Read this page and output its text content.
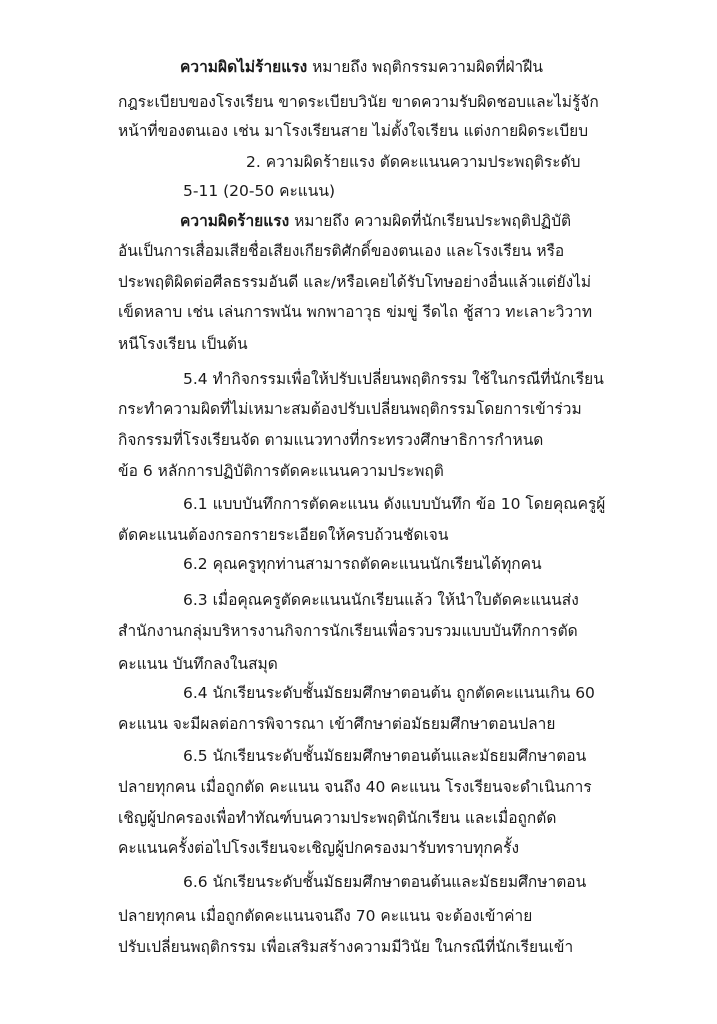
ความผิดไม่ร้ายแรง หมายถึง พฤติกรรมความผิดที่ฝ่าฝืน
กฎระเบียบของโรงเรียน ขาดระเบียบวินัย ขาดความรับผิดชอบและไม่รู้จัก
หน้าที่ของตนเอง เช่น มาโรงเรียนสาย ไม่ตั้งใจเรียน แต่งกายผิดระเบียบ
2. ความผิดร้ายแรง ตัดคะแนนความประพฤติระดับ
5-11 (20-50 คะแนน)
ความผิดร้ายแรง หมายถึง ความผิดที่นักเรียนประพฤติปฏิบัติ
อันเป็นการเสื่อมเสียชื่อเสียงเกียรติศักดิ์ของตนเอง และโรงเรียน หรือ
ประพฤติผิดต่อศีลธรรมอันดี และ/หรือเคยได้รับโทษอย่างอื่นแล้วแต่ยังไม่
เข็ดหลาบ เช่น เล่นการพนัน พกพาอาวุธ ข่มขู่ รีดไถ ชู้สาว ทะเลาะวิวาท
หนีโรงเรียน เป็นต้น
5.4 ทำกิจกรรมเพื่อให้ปรับเปลี่ยนพฤติกรรม ใช้ในกรณีที่นักเรียน
กระทำความผิดที่ไม่เหมาะสมต้องปรับเปลี่ยนพฤติกรรมโดยการเข้าร่วม
กิจกรรมที่โรงเรียนจัด ตามแนวทางที่กระทรวงศึกษาธิการกำหนด
ข้อ 6 หลักการปฏิบัติการตัดคะแนนความประพฤติ
6.1 แบบบันทึกการตัดคะแนน ดังแบบบันทึก ข้อ 10 โดยคุณครูผู้
ตัดคะแนนต้องกรอกรายระเอียดให้ครบถ้วนชัดเจน
6.2 คุณครูทุกท่านสามารถตัดคะแนนนักเรียนได้ทุกคน
6.3 เมื่อคุณครูตัดคะแนนนักเรียนแล้ว ให้นำใบตัดคะแนนส่ง
สำนักงานกลุ่มบริหารงานกิจการนักเรียนเพื่อรวบรวมแบบบันทึกการตัด
คะแนน บันทึกลงในสมุด
6.4 นักเรียนระดับชั้นมัธยมศึกษาตอนต้น ถูกตัดคะแนนเกิน 60
คะแนน จะมีผลต่อการพิจารณา เข้าศึกษาต่อมัธยมศึกษาตอนปลาย
6.5 นักเรียนระดับชั้นมัธยมศึกษาตอนต้นและมัธยมศึกษาตอน
ปลายทุกคน เมื่อถูกตัด คะแนน จนถึง 40 คะแนน โรงเรียนจะดำเนินการ
เชิญผู้ปกครองเพื่อทำทัณฑ์บนความประพฤตินักเรียน และเมื่อถูกตัด
คะแนนครั้งต่อไปโรงเรียนจะเชิญผู้ปกครองมารับทราบทุกครั้ง
6.6 นักเรียนระดับชั้นมัธยมศึกษาตอนต้นและมัธยมศึกษาตอน
ปลายทุกคน เมื่อถูกตัดคะแนนจนถึง 70 คะแนน จะต้องเข้าค่าย
ปรับเปลี่ยนพฤติกรรม เพื่อเสริมสร้างความมีวินัย ในกรณีที่นักเรียนเข้า
